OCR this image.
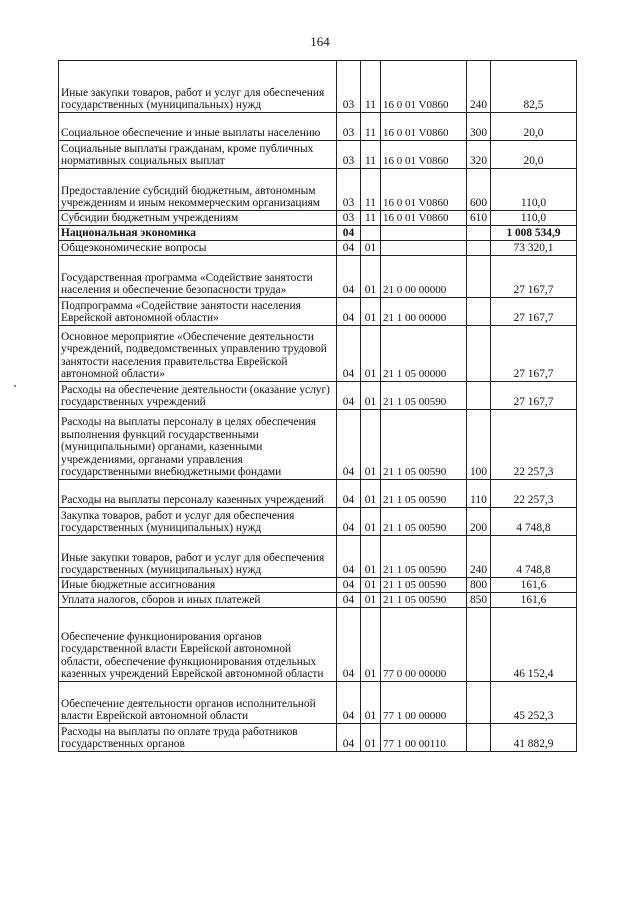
164
Иные закупки товаров, работ и услуг для обеспечения государственных (муниципальных) нужд	03	11	16 0 01 V0860	240	82,5
Социальное обеспечение и иные выплаты населению	03	11	16 0 01 V0860	300	20,0
Социальные выплаты гражданам, кроме публичных нормативных социальных выплат	03	11	16 0 01 V0860	320	20,0
Предоставление субсидий бюджетным, автономным учреждениям и иным некоммерческим организациям	03	11	16 0 01 V0860	600	110,0
Субсидии бюджетным учреждениям	03	11	16 0 01 V0860	610	110,0
Национальная экономика	04				1 008 534,9
Общеэкономические вопросы	04	01			73 320,1
Государственная программа «Содействие занятости населения и обеспечение безопасности труда»	04	01	21 0 00 00000		27 167,7
Подпрограмма «Содействие занятости населения Еврейской автономной области»	04	01	21 1 00 00000		27 167,7
Основное мероприятие «Обеспечение деятельности учреждений, подведомственных управлению трудовой занятости населения правительства Еврейской автономной области»	04	01	21 1 05 00000		27 167,7
Расходы на обеспечение деятельности (оказание услуг) государственных учреждений	04	01	21 1 05 00590		27 167,7
Расходы на выплаты персоналу в целях обеспечения выполнения функций государственными (муниципальными) органами, казенными учреждениями, органами управления государственными внебюджетными фондами	04	01	21 1 05 00590	100	22 257,3
Расходы на выплаты персоналу казенных учреждений	04	01	21 1 05 00590	110	22 257,3
Закупка товаров, работ и услуг для обеспечения государственных (муниципальных) нужд	04	01	21 1 05 00590	200	4 748,8
Иные закупки товаров, работ и услуг для обеспечения государственных (муниципальных) нужд	04	01	21 1 05 00590	240	4 748,8
Иные бюджетные ассигнования	04	01	21 1 05 00590	800	161,6
Уплата налогов, сборов и иных платежей	04	01	21 1 05 00590	850	161,6
Обеспечение функционирования органов государственной власти Еврейской автономной области, обеспечение функционирования отдельных казенных учреждений Еврейской автономной области	04	01	77 0 00 00000		46 152,4
Обеспечение деятельности органов исполнительной власти Еврейской автономной области	04	01	77 1 00 00000		45 252,3
Расходы на выплаты по оплате труда работников государственных органов	04	01	77 1 00 00110		41 882,9
